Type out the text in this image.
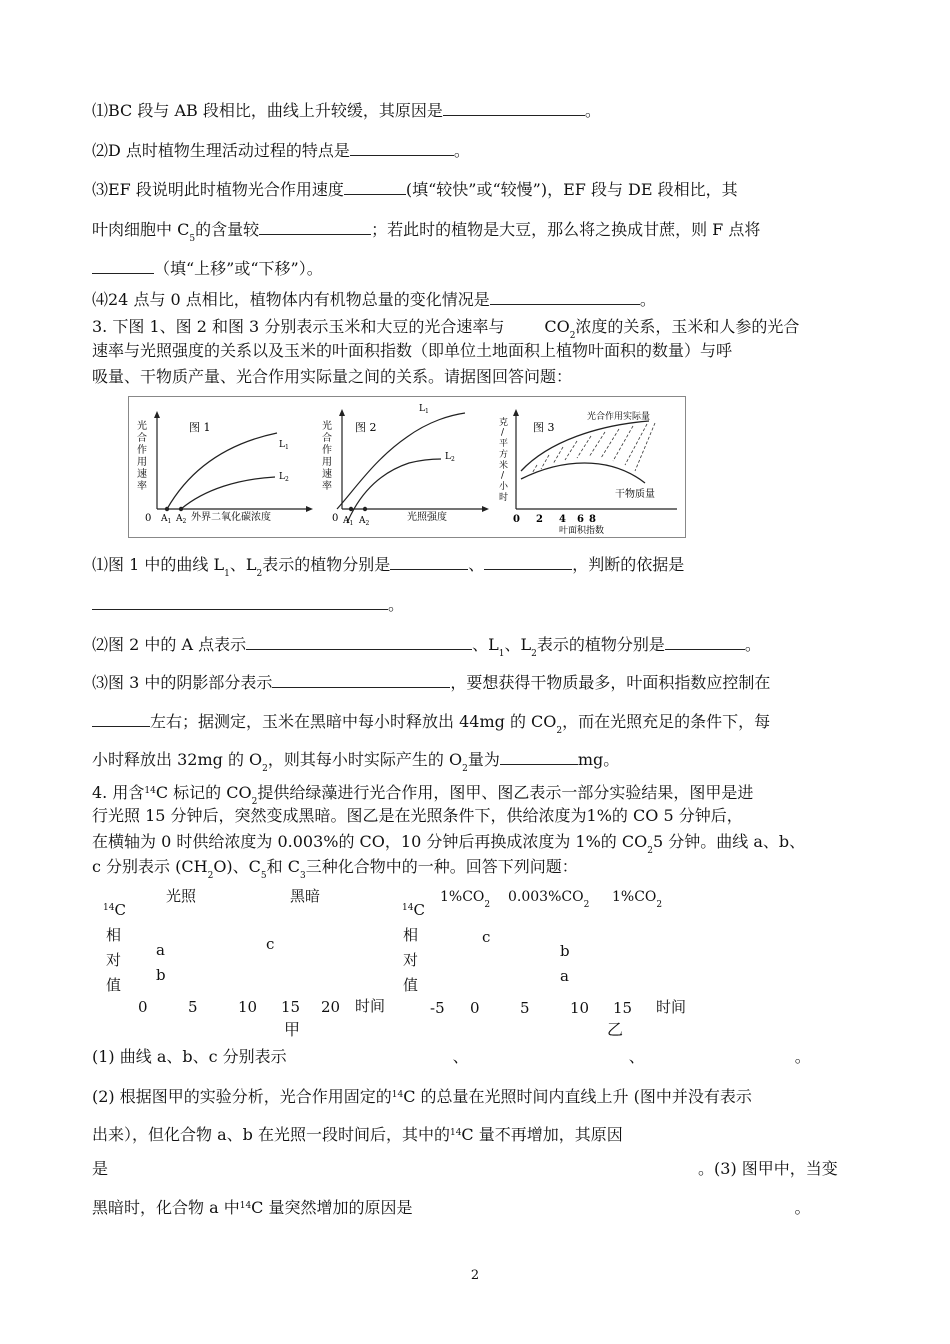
⑴BC 段与 AB 段相比，曲线上升较缓，其原因是	。
⑵D 点时植物生理活动过程的特点是	。
⑶EF 段说明此时植物光合作用速度	(填“较快”或“较慢”)，EF 段与 DE 段相比，其
叶肉细胞中 $C_5$的含量较	；若此时的植物是大豆，那么将之换成甘蔗，则 F 点将
（填“上移”或“下移”）。
⑷24 点与 0 点相比，植物体内有机物总量的变化情况是	。
3. 下图 1、图 2 和图 3 分别表示玉米和大豆的光合速率与	$CO_2$浓度的关系，玉米和人参的光合
速率与光照强度的关系以及玉米的叶面积指数（即单位土地面积上植物叶面积的数量）与呼
吸量、干物质产量、光合作用实际量之间的关系。请据图回答问题：
图 1
0 $A_1$ $A_2$ 外界二氧化碳浓度
$L_1$
$L_2$
光
合
作
用
速
率
图 2
0 $A_1$ $A_2$
光照强度
$L_1$
$L_2$
光
合
作
用
速
率
图 3
光合作用实际量
干物质量
0 2 4 6 8
叶面积指数
克
/
平
方
米
/
小
时
⑴图 1 中的曲线 $L_1$、$L_2$表示的植物分别是	、	，判断的依据是
。
⑵图 2 中的 A 点表示	、$L_1$、$L_2$表示的植物分别是	。
⑶图 3 中的阴影部分表示	，要想获得干物质最多，叶面积指数应控制在
左右；据测定，玉米在黑暗中每小时释放出 44mg 的 $CO_2$，而在光照充足的条件下，每
小时释放出 32mg 的 $O_2$，则其每小时实际产生的 $O_2$量为	mg。
4. 用含$^{14}$C 标记的 $CO_2$提供给绿藻进行光合作用，图甲、图乙表示一部分实验结果，图甲是进
行光照 15 分钟后，突然变成黑暗。图乙是在光照条件下，供给浓度为1%的 CO 5 分钟后，
在横轴为 0 时供给浓度为 0.003%的 CO，10 分钟后再换成浓度为 1%的 $CO_25$ 分钟。曲线 a、b、
c 分别表示 $(CH_2O)$、$C_5$和 $C_3$三种化合物中的一种。回答下列问题：
$^{14}$C
相
对
值
光照	黑暗
a
b
c
0	5	10 15 20 时间
甲
$^{14}$C
相
对
值
$1\%CO_2$ $0.003\%CO_2$ $1\%CO_2$
c
b
a
-5 0	5	10 15 时间
乙
(1) 曲线 a、b、c 分别表示	、	、	。
(2) 根据图甲的实验分析，光合作用固定的$^{14}$C 的总量在光照时间内直线上升 (图中并没有表示
出来），但化合物 a、b 在光照一段时间后，其中的$^{14}$C 量不再增加，其原因
是	。(3) 图甲中，当变
黑暗时，化合物 a 中$^{14}$C 量突然增加的原因是	。
2
